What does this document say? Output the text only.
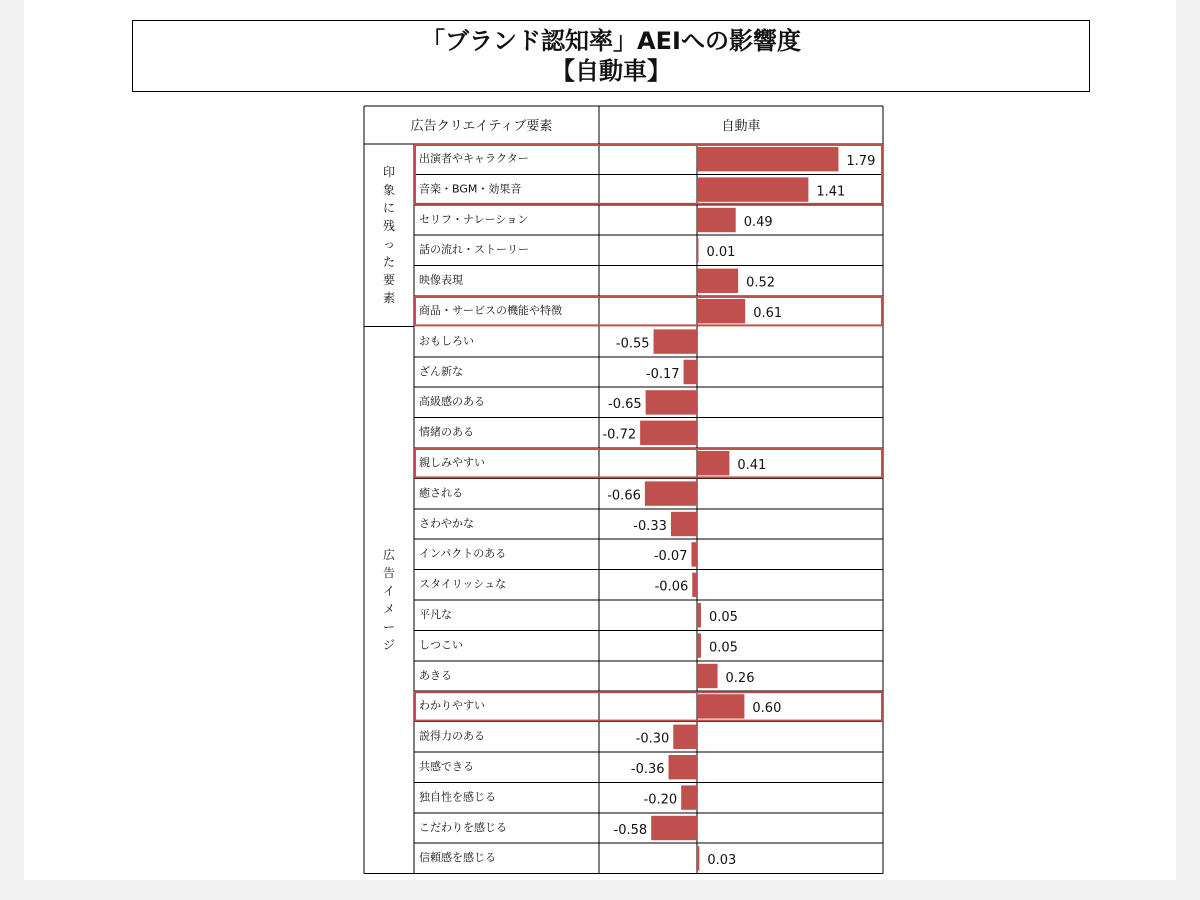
「ブランド認知率」AEIへの影響度
【自動車】
広告クリエイティブ要素	自動車
印
象
に
残
っ
た
要
素
出演者やキャラクター	1.79
音楽・BGM・効果音	1.41
セリフ・ナレーション	0.49
話の流れ・ストーリー	0.01
映像表現	0.52
商品・サービスの機能や特徴	0.61
広
告
イ
メ
ー
ジ
おもしろい	-0.55
ざん新な	-0.17
高級感のある	-0.65
情緒のある	-0.72
親しみやすい	0.41
癒される	-0.66
さわやかな	-0.33
インパクトのある	-0.07
スタイリッシュな	-0.06
平凡な	0.05
しつこい	0.05
あきる	0.26
わかりやすい	0.60
説得力のある	-0.30
共感できる	-0.36
独自性を感じる	-0.20
こだわりを感じる	-0.58
信頼感を感じる	0.03
